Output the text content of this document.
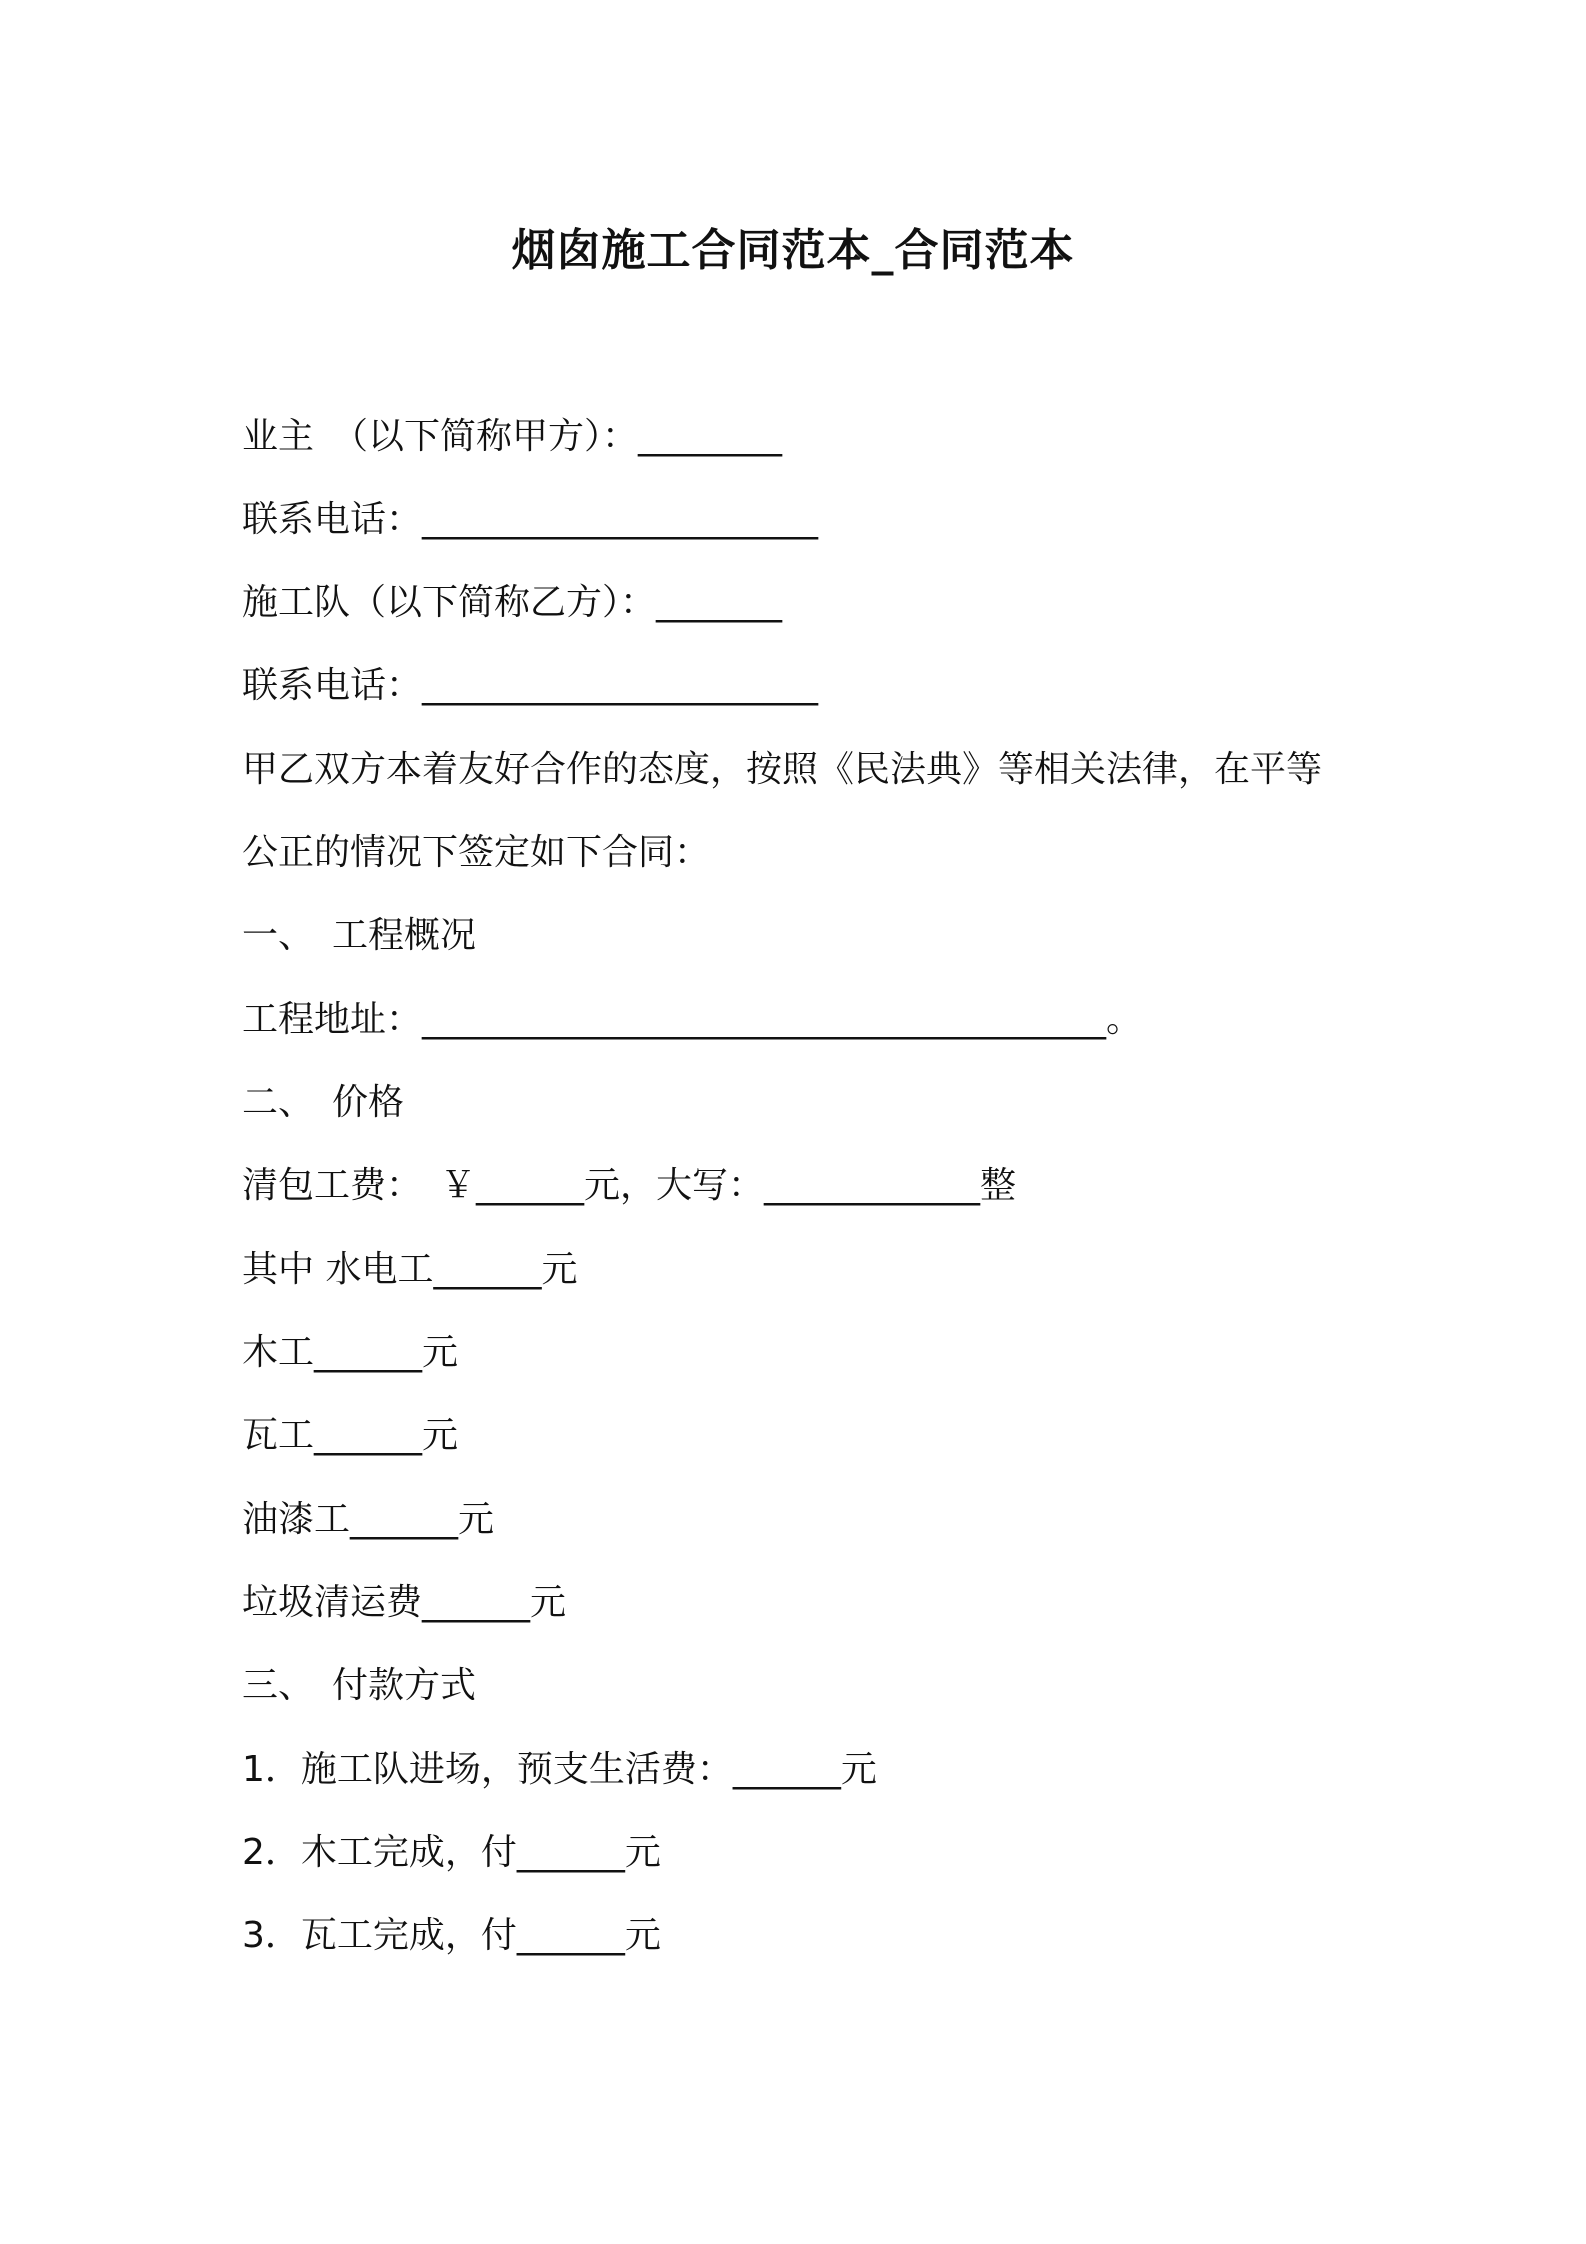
烟囱施工合同范本_合同范本
业主　（以下简称甲方）：________
联系电话：______________________
施工队（以下简称乙方）：_______
联系电话：______________________
甲乙双方本着友好合作的态度，按照《民法典》等相关法律，在平等
公正的情况下签定如下合同：
一、　工程概况
工程地址：______________________________________。
二、　价格
清包工费：　￥______元，大写：____________整
其中 水电工______元
木工______元
瓦工______元
油漆工______元
垃圾清运费______元
三、　付款方式
1．施工队进场，预支生活费：______元
2．木工完成，付______元
3．瓦工完成，付______元
